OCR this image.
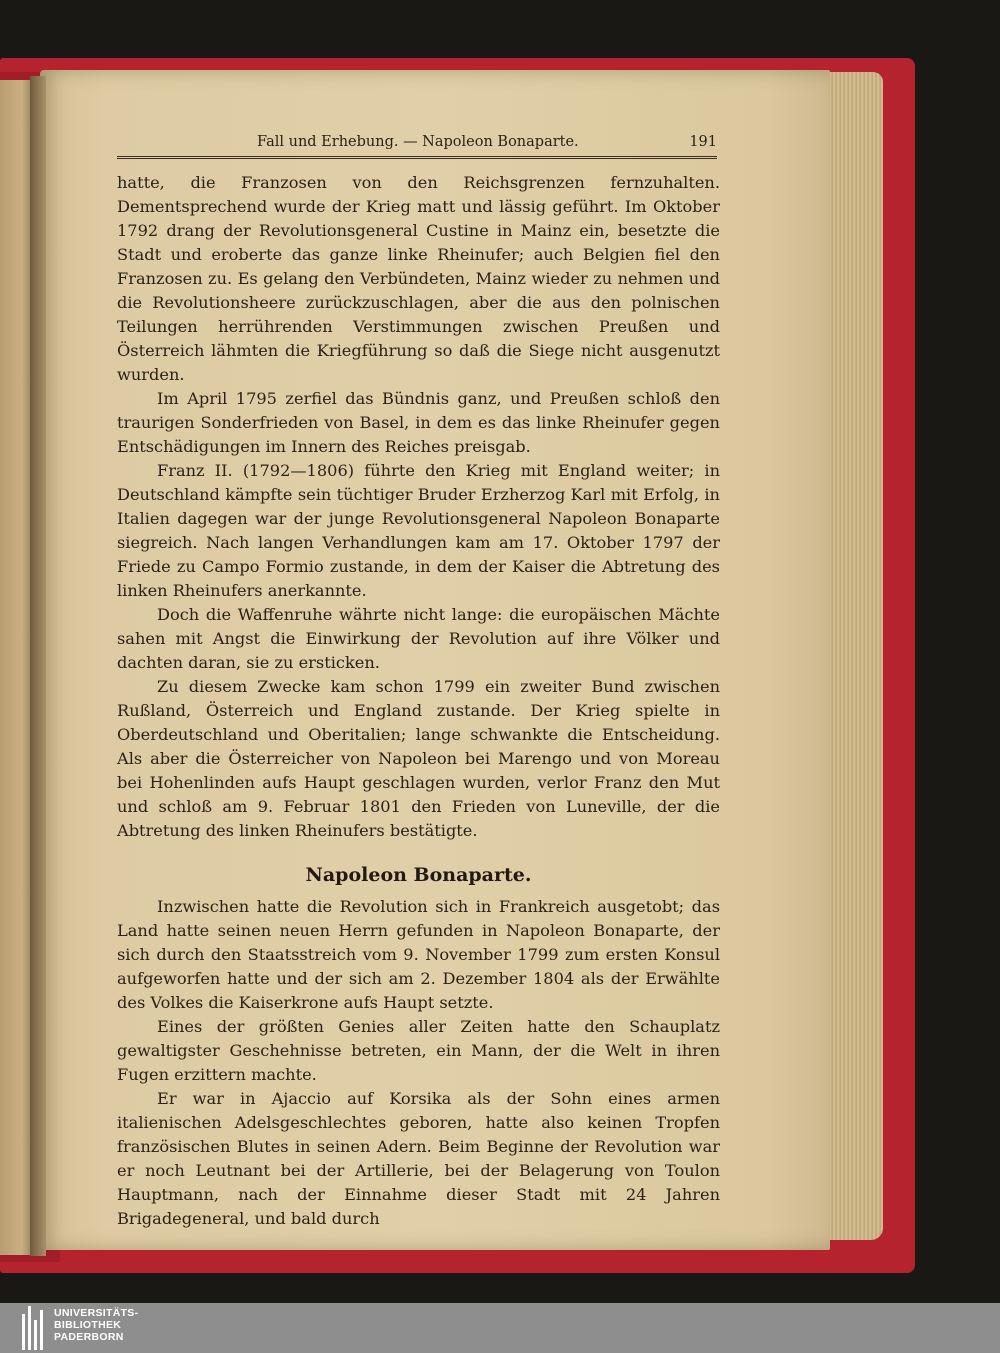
Fall und Erhebung. — Napoleon Bonaparte.	191

hatte, die Franzosen von den Reichsgrenzen fernzuhalten. Dementsprechend wurde der Krieg matt und lässig geführt. Im Oktober 1792 drang der Revolutionsgeneral Custine in Mainz ein, besetzte die Stadt und eroberte das ganze linke Rheinufer; auch Belgien fiel den Franzosen zu. Es gelang den Verbündeten, Mainz wieder zu nehmen und die Revolutionsheere zurückzuschlagen, aber die aus den polnischen Teilungen herrührenden Verstimmungen zwischen Preußen und Österreich lähmten die Kriegführung so daß die Siege nicht ausgenutzt wurden.

Im April 1795 zerfiel das Bündnis ganz, und Preußen schloß den traurigen Sonderfrieden von Basel, in dem es das linke Rheinufer gegen Entschädigungen im Innern des Reiches preisgab.

Franz II. (1792—1806) führte den Krieg mit England weiter; in Deutschland kämpfte sein tüchtiger Bruder Erzherzog Karl mit Erfolg, in Italien dagegen war der junge Revolutionsgeneral Napoleon Bonaparte siegreich. Nach langen Verhandlungen kam am 17. Oktober 1797 der Friede zu Campo Formio zustande, in dem der Kaiser die Abtretung des linken Rheinufers anerkannte.

Doch die Waffenruhe währte nicht lange: die europäischen Mächte sahen mit Angst die Einwirkung der Revolution auf ihre Völker und dachten daran, sie zu ersticken.

Zu diesem Zwecke kam schon 1799 ein zweiter Bund zwischen Rußland, Österreich und England zustande. Der Krieg spielte in Oberdeutschland und Oberitalien; lange schwankte die Entscheidung. Als aber die Österreicher von Napoleon bei Marengo und von Moreau bei Hohenlinden aufs Haupt geschlagen wurden, verlor Franz den Mut und schloß am 9. Februar 1801 den Frieden von Luneville, der die Abtretung des linken Rheinufers bestätigte.

Napoleon Bonaparte.

Inzwischen hatte die Revolution sich in Frankreich ausgetobt; das Land hatte seinen neuen Herrn gefunden in Napoleon Bonaparte, der sich durch den Staatsstreich vom 9. November 1799 zum ersten Konsul aufgeworfen hatte und der sich am 2. Dezember 1804 als der Erwählte des Volkes die Kaiserkrone aufs Haupt setzte.

Eines der größten Genies aller Zeiten hatte den Schauplatz gewaltigster Geschehnisse betreten, ein Mann, der die Welt in ihren Fugen erzittern machte.

Er war in Ajaccio auf Korsika als der Sohn eines armen italienischen Adelsgeschlechtes geboren, hatte also keinen Tropfen französischen Blutes in seinen Adern. Beim Beginne der Revolution war er noch Leutnant bei der Artillerie, bei der Belagerung von Toulon Hauptmann, nach der Einnahme dieser Stadt mit 24 Jahren Brigadegeneral, und bald durch

UNIVERSITÄTS-
BIBLIOTHEK
PADERBORN
